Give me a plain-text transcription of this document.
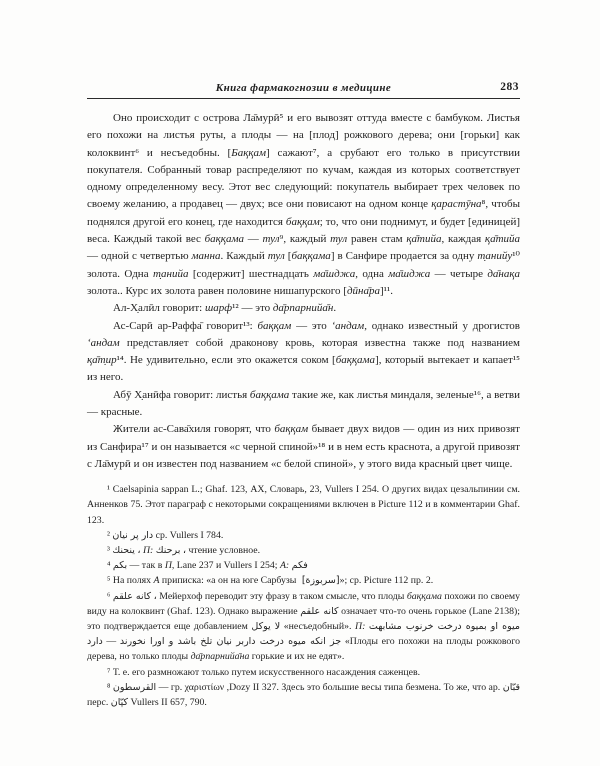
Книга фармакогнозии в медицине	283

Оно происходит с острова Ла̄мурӣ⁵ и его вывозят оттуда вместе с бамбуком. Листья его похожи на листья руты, а плоды — на [плод] рожкового дерева; они [горьки] как колоквинт⁶ и несъедобны. [Баққам] сажают⁷, а срубают его только в присутствии покупателя. Собранный товар распределяют по кучам, каждая из которых соответствует одному определенному весу. Этот вес следующий: покупатель выбирает трех человек по своему желанию, а продавец — двух; все они повисают на одном конце қарастӯна⁸, чтобы поднялся другой его конец, где находится баққам; то, что они поднимут, и будет [единицей] веса. Каждый такой вес баққама — тул⁹, каждый тул равен стам қа̄тийа, каждая қа̄тийа — одной с четвертью манна. Каждый тул [баққама] в Санфире продается за одну т̣анийу¹⁰ золота. Одна т̣анийа [содержит] шестнадцать ма̄шджа, одна ма̄шджа — четыре да̄нақа золота.. Курс их золота равен половине нишапурского [дӣна̄ра]¹¹.

Ал-Х̣алӣл говорит: шарф¹² — это да̄рпарнийа̄н.

Ас-Сарӣ ар-Раффа̄ говорит¹³: баққам — это ‘андам, однако известный у дрогистов ‘андам представляет собой драконову кровь, которая известна также под названием қа̄т̣ир¹⁴. Не удивительно, если это окажется соком [баққама], который вытекает и капает¹⁵ из него.

Абӯ Х̣анӣфа говорит: листья баққама такие же, как листья миндаля, зеленые¹⁶, а ветви — красные.

Жители ас-Сава̄хиля говорят, что баққам бывает двух видов — один из них привозят из Санфира¹⁷ и он называется «с черной спиной»¹⁸ и в нем есть краснота, а другой привозят с Ла̄мурӣ и он известен под названием «с белой спиной», у этого вида красный цвет чище.

¹ Caelsapinia sappan L.; Ghaf. 123, АХ, Словарь, 23, Vullers I 254. О других видах цезальпинии см. Анненков 75. Этот параграф с некоторыми сокращениями включен в Picture 112 и в комментарии Ghaf. 123.

² دار پر نيان ср. Vullers I 784.

³ ينحنك ، П: برحنك ، чтение условное.

⁴ بكم — так в П, Lane 237 и Vullers I 254; А: فكم

⁵ На полях А приписка: «а он на юге Сарбузы [سربوزة] »; ср. Picture 112 пр. 2.

⁶ كانه علقم ، Мейерхоф переводит эту фразу в таком смысле, что плоды баққама похожи по своему виду на колоквинт (Ghaf. 123). Однако выражение كانه علقم означает что-то очень горькое (Lane 2138); это подтверждается еще добавлением لا يوكل «несъедобный». П: ميوه او بميوه درخت خرنوب مشابهت دارد — جز انكه ميوه درخت داربر نيان تلخ باشد و اورا نخورند «Плоды его похожи на плоды рожкового дерева, но только плоды да̄рпарнийа̄на горькие и их не едят».

⁷ Т. е. его размножают только путем искусственного насаждения саженцев.

⁸ القرسطون — гр. χαριστίων ,Dozy II 327. Здесь это большие весы типа безмена. То же, что ар. قبّان перс. كپّان Vullers II 657, 790.
